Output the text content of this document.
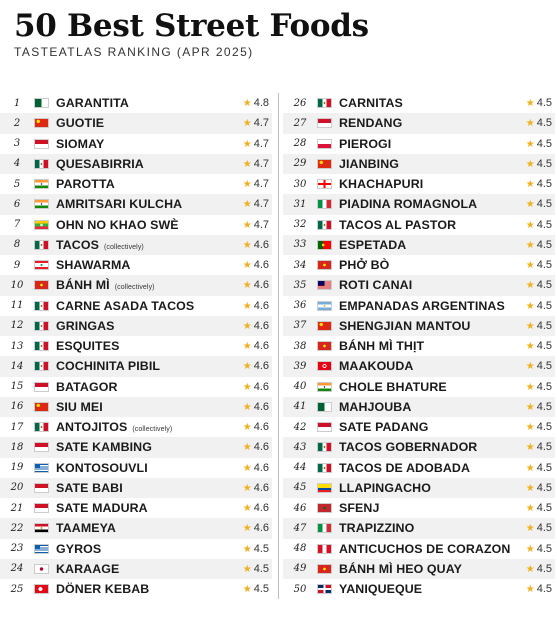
50 Best Street Foods
TASTEATLAS RANKING (APR 2025)
1	GARANTITA	★ 4.8
2	GUOTIE	★ 4.7
3	SIOMAY	★ 4.7
4	QUESABIRRIA	★ 4.7
5	PAROTTA	★ 4.7
6	AMRITSARI KULCHA	★ 4.7
7	OHN NO KHAO SWÈ	★ 4.7
8	TACOS (collectively)	★ 4.6
9	SHAWARMA	★ 4.6
10	BÁNH MÌ (collectively)	★ 4.6
11	CARNE ASADA TACOS	★ 4.6
12	GRINGAS	★ 4.6
13	ESQUITES	★ 4.6
14	COCHINITA PIBIL	★ 4.6
15	BATAGOR	★ 4.6
16	SIU MEI	★ 4.6
17	ANTOJITOS (collectively)	★ 4.6
18	SATE KAMBING	★ 4.6
19	KONTOSOUVLI	★ 4.6
20	SATE BABI	★ 4.6
21	SATE MADURA	★ 4.6
22	TAAMEYA	★ 4.6
23	GYROS	★ 4.5
24	KARAAGE	★ 4.5
25	DÖNER KEBAB	★ 4.5
26	CARNITAS	★ 4.5
27	RENDANG	★ 4.5
28	PIEROGI	★ 4.5
29	JIANBING	★ 4.5
30	KHACHAPURI	★ 4.5
31	PIADINA ROMAGNOLA	★ 4.5
32	TACOS AL PASTOR	★ 4.5
33	ESPETADA	★ 4.5
34	PHỞ BÒ	★ 4.5
35	ROTI CANAI	★ 4.5
36	EMPANADAS ARGENTINAS	★ 4.5
37	SHENGJIAN MANTOU	★ 4.5
38	BÁNH MÌ THỊT	★ 4.5
39	MAAKOUDA	★ 4.5
40	CHOLE BHATURE	★ 4.5
41	MAHJOUBA	★ 4.5
42	SATE PADANG	★ 4.5
43	TACOS GOBERNADOR	★ 4.5
44	TACOS DE ADOBADA	★ 4.5
45	LLAPINGACHO	★ 4.5
46	SFENJ	★ 4.5
47	TRAPIZZINO	★ 4.5
48	ANTICUCHOS DE CORAZON	★ 4.5
49	BÁNH MÌ HEO QUAY	★ 4.5
50	YANIQUEQUE	★ 4.5
